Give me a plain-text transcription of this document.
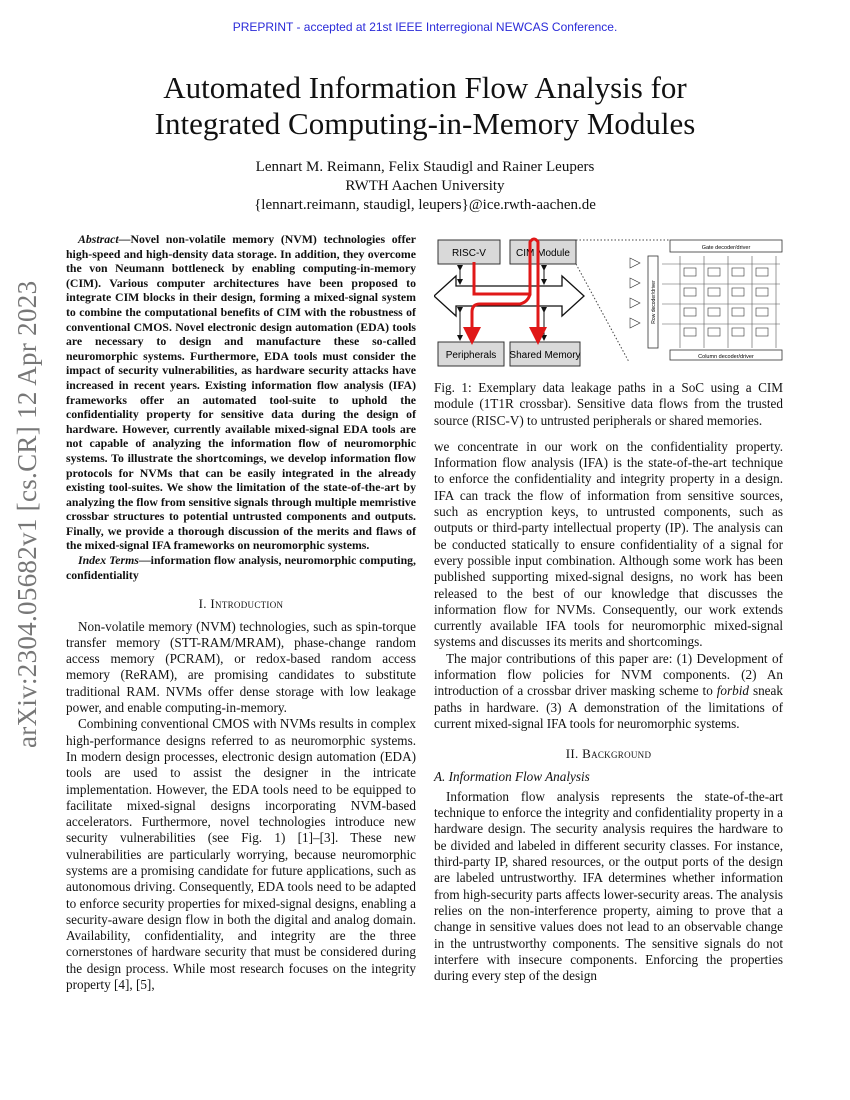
PREPRINT - accepted at 21st IEEE Interregional NEWCAS Conference.
arXiv:2304.05682v1 [cs.CR] 12 Apr 2023
Automated Information Flow Analysis for
Integrated Computing-in-Memory Modules
Lennart M. Reimann, Felix Staudigl and Rainer Leupers
RWTH Aachen University
{lennart.reimann, staudigl, leupers}@ice.rwth-aachen.de

Abstract—Novel non-volatile memory (NVM) technologies offer high-speed and high-density data storage. In addition, they overcome the von Neumann bottleneck by enabling computing-in-memory (CIM). Various computer architectures have been proposed to integrate CIM blocks in their design, forming a mixed-signal system to combine the computational benefits of CIM with the robustness of conventional CMOS. Novel electronic design automation (EDA) tools are necessary to design and manufacture these so-called neuromorphic systems. Furthermore, EDA tools must consider the impact of security vulnerabilities, as hardware security attacks have increased in recent years. Existing information flow analysis (IFA) frameworks offer an automated tool-suite to uphold the confidentiality property for sensitive data during the design of hardware. However, currently available mixed-signal EDA tools are not capable of analyzing the information flow of neuromorphic systems. To illustrate the shortcomings, we develop information flow protocols for NVMs that can be easily integrated in the already existing tool-suites. We show the limitation of the state-of-the-art by analyzing the flow from sensitive signals through multiple memristive crossbar structures to potential untrusted components and outputs. Finally, we provide a thorough discussion of the merits and flaws of the mixed-signal IFA frameworks on neuromorphic systems.

Index Terms—information flow analysis, neuromorphic computing, confidentiality

I. Introduction

Non-volatile memory (NVM) technologies, such as spin-torque transfer memory (STT-RAM/MRAM), phase-change random access memory (PCRAM), or redox-based random access memory (ReRAM), are promising candidates to substitute traditional RAM. NVMs offer dense storage with low leakage power, and enable computing-in-memory.

Combining conventional CMOS with NVMs results in complex high-performance designs referred to as neuromorphic systems. In modern design processes, electronic design automation (EDA) tools are used to assist the designer in the intricate implementation. However, the EDA tools need to be equipped to facilitate mixed-signal designs incorporating NVM-based accelerators. Furthermore, novel technologies introduce new security vulnerabilities (see Fig. 1) [1]–[3]. These new vulnerabilities are particularly worrying, because neuromorphic systems are a promising candidate for future applications, such as autonomous driving. Consequently, EDA tools need to be adapted to enforce security properties for mixed-signal designs, enabling a security-aware design flow in both the digital and analog domain. Availability, confidentiality, and integrity are the three cornerstones of hardware security that must be considered during the design process. While most research focuses on the integrity property [4], [5],

RISC-V	CIM Module
Peripherals Shared Memory
Gate decoder/driver
Column decoder/driver
Row decoder/driver
Fig. 1: Exemplary data leakage paths in a SoC using a CIM module (1T1R crossbar). Sensitive data flows from the trusted source (RISC-V) to untrusted peripherals or shared memories.

we concentrate in our work on the confidentiality property. Information flow analysis (IFA) is the state-of-the-art technique to enforce the confidentiality and integrity property in a design. IFA can track the flow of information from sensitive sources, such as encryption keys, to untrusted components, such as outputs or third-party intellectual property (IP). The analysis can be conducted statically to ensure confidentiality of a signal for every possible input combination. Although some work has been published supporting mixed-signal designs, no work has been released to the best of our knowledge that discusses the information flow for NVMs. Consequently, our work extends currently available IFA tools for neuromorphic mixed-signal systems and discusses its merits and shortcomings.

The major contributions of this paper are: (1) Development of information flow policies for NVM components. (2) An introduction of a crossbar driver masking scheme to forbid sneak paths in hardware. (3) A demonstration of the limitations of current mixed-signal IFA tools for neuromorphic systems.

II. Background
A. Information Flow Analysis

Information flow analysis represents the state-of-the-art technique to enforce the integrity and confidentiality property in a hardware design. The security analysis requires the hardware to be divided and labeled in different security classes. For instance, third-party IP, shared resources, or the output ports of the design are labeled untrustworthy. IFA determines whether information from high-security parts affects lower-security areas. The analysis relies on the non-interference property, aiming to prove that a change in sensitive values does not lead to an observable change in the untrustworthy components. The sensitive signals do not interfere with insecure components. Enforcing the properties during every step of the design
